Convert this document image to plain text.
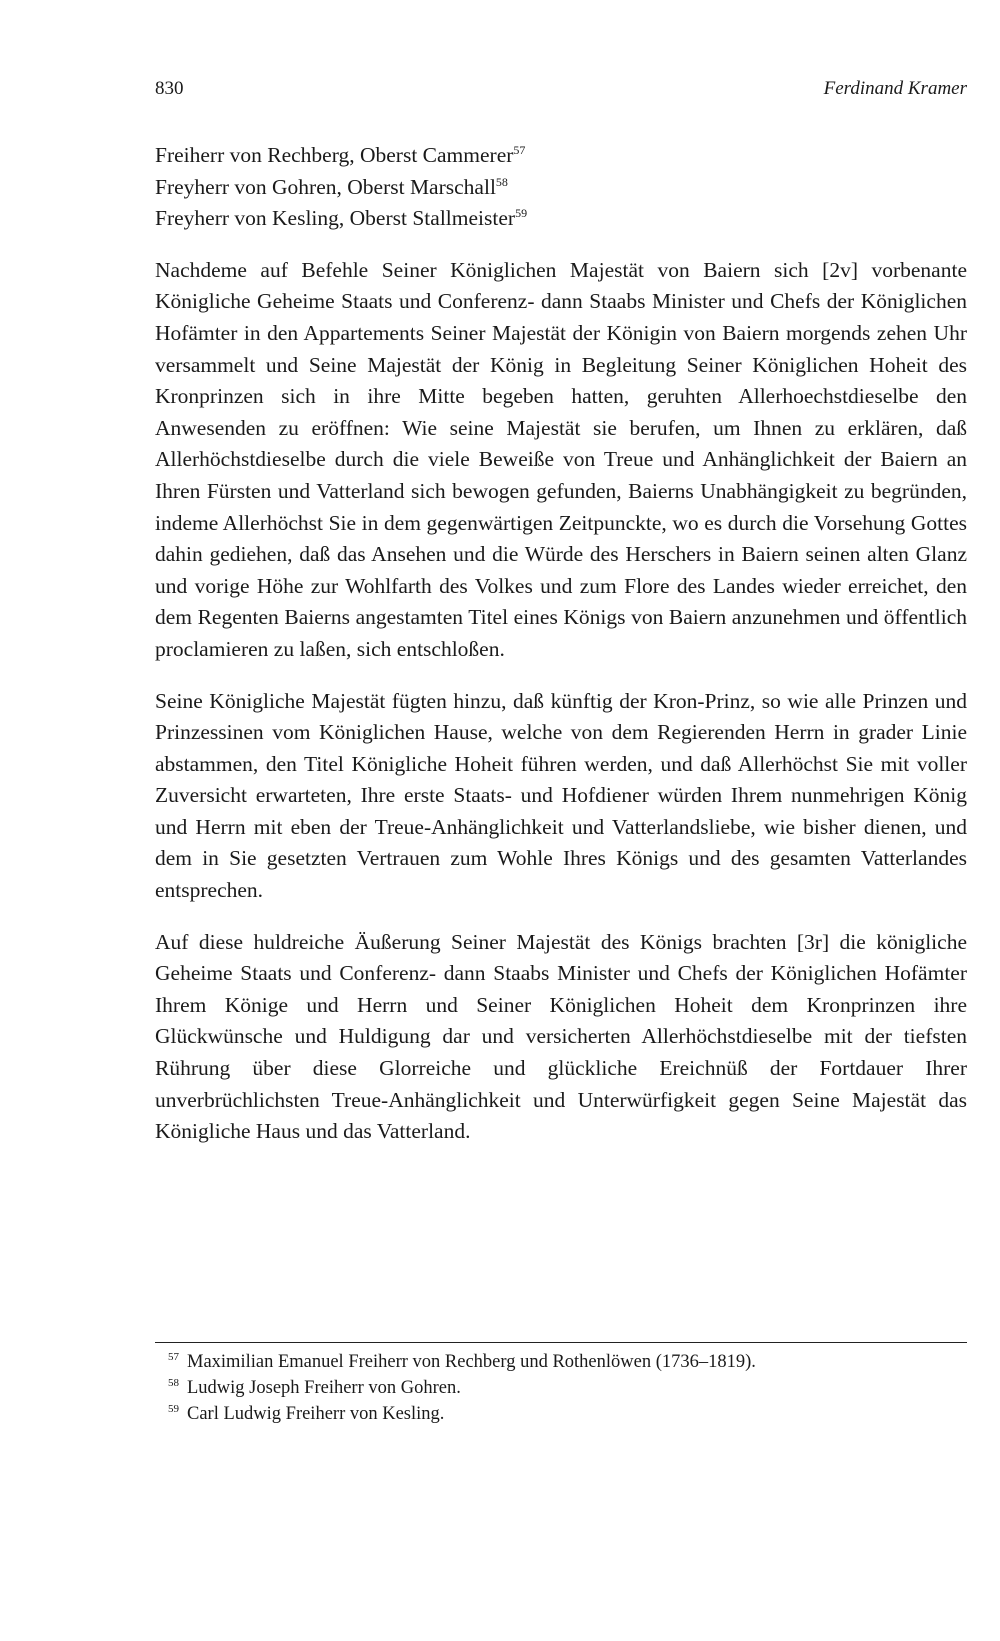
830	Ferdinand Kramer
Freiherr von Rechberg, Oberst Cammerer$^{57}$
Freyherr von Gohren, Oberst Marschall$^{58}$
Freyherr von Kesling, Oberst Stallmeister$^{59}$

Nachdeme auf Befehle Seiner Königlichen Majestät von Baiern sich [2v] vorbenante Königliche Geheime Staats und Conferenz- dann Staabs Minister und Chefs der Königlichen Hofämter in den Appartements Seiner Majestät der Königin von Baiern morgends zehen Uhr versammelt und Seine Majestät der König in Begleitung Seiner Königlichen Hoheit des Kronprinzen sich in ihre Mitte begeben hatten, geruhten Allerhoechstdieselbe den Anwesenden zu eröffnen: Wie seine Majestät sie berufen, um Ihnen zu erklären, daß Allerhöchstdieselbe durch die viele Beweiße von Treue und Anhänglichkeit der Baiern an Ihren Fürsten und Vatterland sich bewogen gefunden, Baierns Unabhängigkeit zu begründen, indeme Allerhöchst Sie in dem gegenwärtigen Zeitpunckte, wo es durch die Vorsehung Gottes dahin gediehen, daß das Ansehen und die Würde des Herschers in Baiern seinen alten Glanz und vorige Höhe zur Wohlfarth des Volkes und zum Flore des Landes wieder erreichet, den dem Regenten Baierns angestamten Titel eines Königs von Baiern anzunehmen und öffentlich proclamieren zu laßen, sich entschloßen.

Seine Königliche Majestät fügten hinzu, daß künftig der Kron-Prinz, so wie alle Prinzen und Prinzessinen vom Königlichen Hause, welche von dem Regierenden Herrn in grader Linie abstammen, den Titel Königliche Hoheit führen werden, und daß Allerhöchst Sie mit voller Zuversicht erwarteten, Ihre erste Staats- und Hofdiener würden Ihrem nunmehrigen König und Herrn mit eben der Treue-Anhänglichkeit und Vatterlandsliebe, wie bisher dienen, und dem in Sie gesetzten Vertrauen zum Wohle Ihres Königs und des gesamten Vatterlandes entsprechen.

Auf diese huldreiche Äußerung Seiner Majestät des Königs brachten [3r] die königliche Geheime Staats und Conferenz- dann Staabs Minister und Chefs der Königlichen Hofämter Ihrem Könige und Herrn und Seiner Königlichen Hoheit dem Kronprinzen ihre Glückwünsche und Huldigung dar und versicherten Allerhöchstdieselbe mit der tiefsten Rührung über diese Glorreiche und glückliche Ereichnüß der Fortdauer Ihrer unverbrüchlichsten Treue-Anhänglichkeit und Unterwürfigkeit gegen Seine Majestät das Königliche Haus und das Vatterland.

$^{57}$ Maximilian Emanuel Freiherr von Rechberg und Rothenlöwen (1736–1819).
$^{58}$ Ludwig Joseph Freiherr von Gohren.
$^{59}$ Carl Ludwig Freiherr von Kesling.
